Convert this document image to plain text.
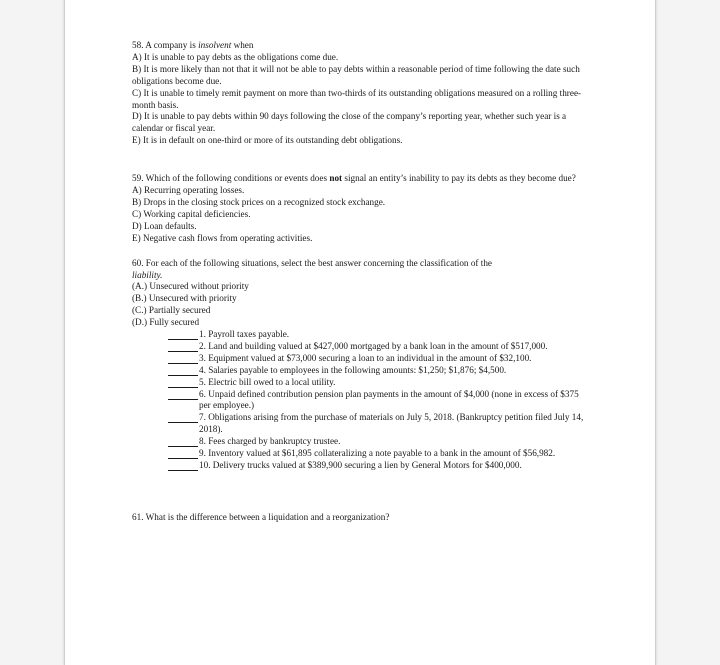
58. A company is insolvent when

A) It is unable to pay debts as the obligations come due.

B) It is more likely than not that it will not be able to pay debts within a reasonable period of time following the date such obligations become due.

C) It is unable to timely remit payment on more than two-thirds of its outstanding obligations measured on a rolling three-month basis.

D) It is unable to pay debts within 90 days following the close of the company’s reporting year, whether such year is a calendar or fiscal year.

E) It is in default on one-third or more of its outstanding debt obligations.

59. Which of the following conditions or events does not signal an entity’s inability to pay its debts as they become due?

A) Recurring operating losses.

B) Drops in the closing stock prices on a recognized stock exchange.

C) Working capital deficiencies.

D) Loan defaults.

E) Negative cash flows from operating activities.

60. For each of the following situations, select the best answer concerning the classification of the

liability.

(A.) Unsecured without priority

(B.) Unsecured with priority

(C.) Partially secured

(D.) Fully secured

1. Payroll taxes payable.
2. Land and building valued at $427,000 mortgaged by a bank loan in the amount of $517,000.
3. Equipment valued at $73,000 securing a loan to an individual in the amount of $32,100.
4. Salaries payable to employees in the following amounts: $1,250; $1,876; $4,500.
5. Electric bill owed to a local utility.
6. Unpaid defined contribution pension plan payments in the amount of $4,000 (none in excess of $375 per employee.)
7. Obligations arising from the purchase of materials on July 5, 2018. (Bankruptcy petition filed July 14, 2018).
8. Fees charged by bankruptcy trustee.
9. Inventory valued at $61,895 collateralizing a note payable to a bank in the amount of $56,982.
10. Delivery trucks valued at $389,900 securing a lien by General Motors for $400,000.

61. What is the difference between a liquidation and a reorganization?
